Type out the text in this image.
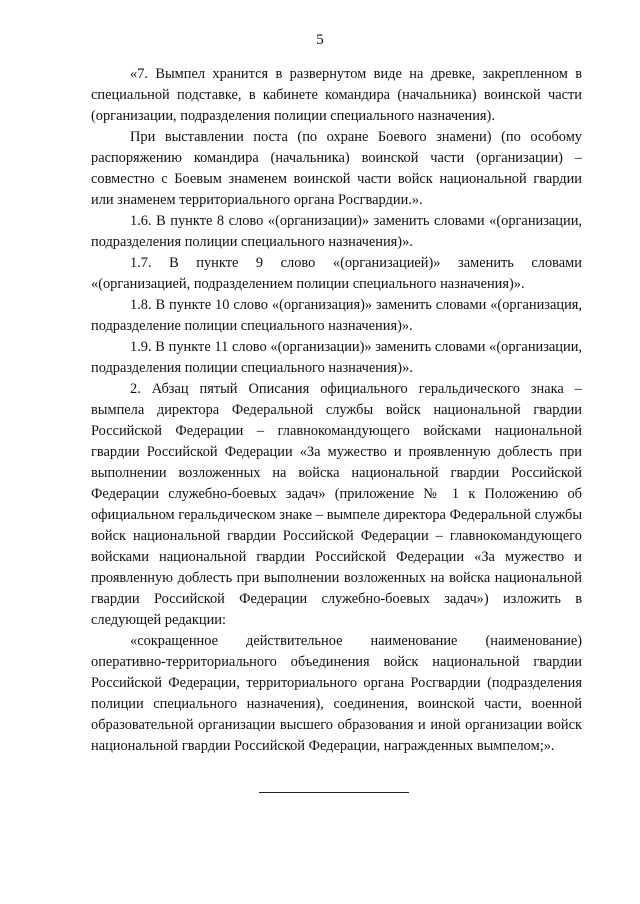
5

«7. Вымпел хранится в развернутом виде на древке, закрепленном в специальной подставке, в кабинете командира (начальника) воинской части (организации, подразделения полиции специального назначения).

При выставлении поста (по охране Боевого знамени) (по особому распоряжению командира (начальника) воинской части (организации) – совместно с Боевым знаменем воинской части войск национальной гвардии или знаменем территориального органа Росгвардии.».

1.6. В пункте 8 слово «(организации)» заменить словами «(организации, подразделения полиции специального назначения)».

1.7. В пункте 9 слово «(организацией)» заменить словами «(организацией, подразделением полиции специального назначения)».

1.8. В пункте 10 слово «(организация)» заменить словами «(организация, подразделение полиции специального назначения)».

1.9. В пункте 11 слово «(организации)» заменить словами «(организации, подразделения полиции специального назначения)».

2. Абзац пятый Описания официального геральдического знака – вымпела директора Федеральной службы войск национальной гвардии Российской Федерации – главнокомандующего войсками национальной гвардии Российской Федерации «За мужество и проявленную доблесть при выполнении возложенных на войска национальной гвардии Российской Федерации служебно-боевых задач» (приложение № 1 к Положению об официальном геральдическом знаке – вымпеле директора Федеральной службы войск национальной гвардии Российской Федерации – главнокомандующего войсками национальной гвардии Российской Федерации «За мужество и проявленную доблесть при выполнении возложенных на войска национальной гвардии Российской Федерации служебно-боевых задач») изложить в следующей редакции:

«сокращенное действительное наименование (наименование) оперативно-территориального объединения войск национальной гвардии Российской Федерации, территориального органа Росгвардии (подразделения полиции специального назначения), соединения, воинской части, военной образовательной организации высшего образования и иной организации войск национальной гвардии Российской Федерации, награжденных вымпелом;».
